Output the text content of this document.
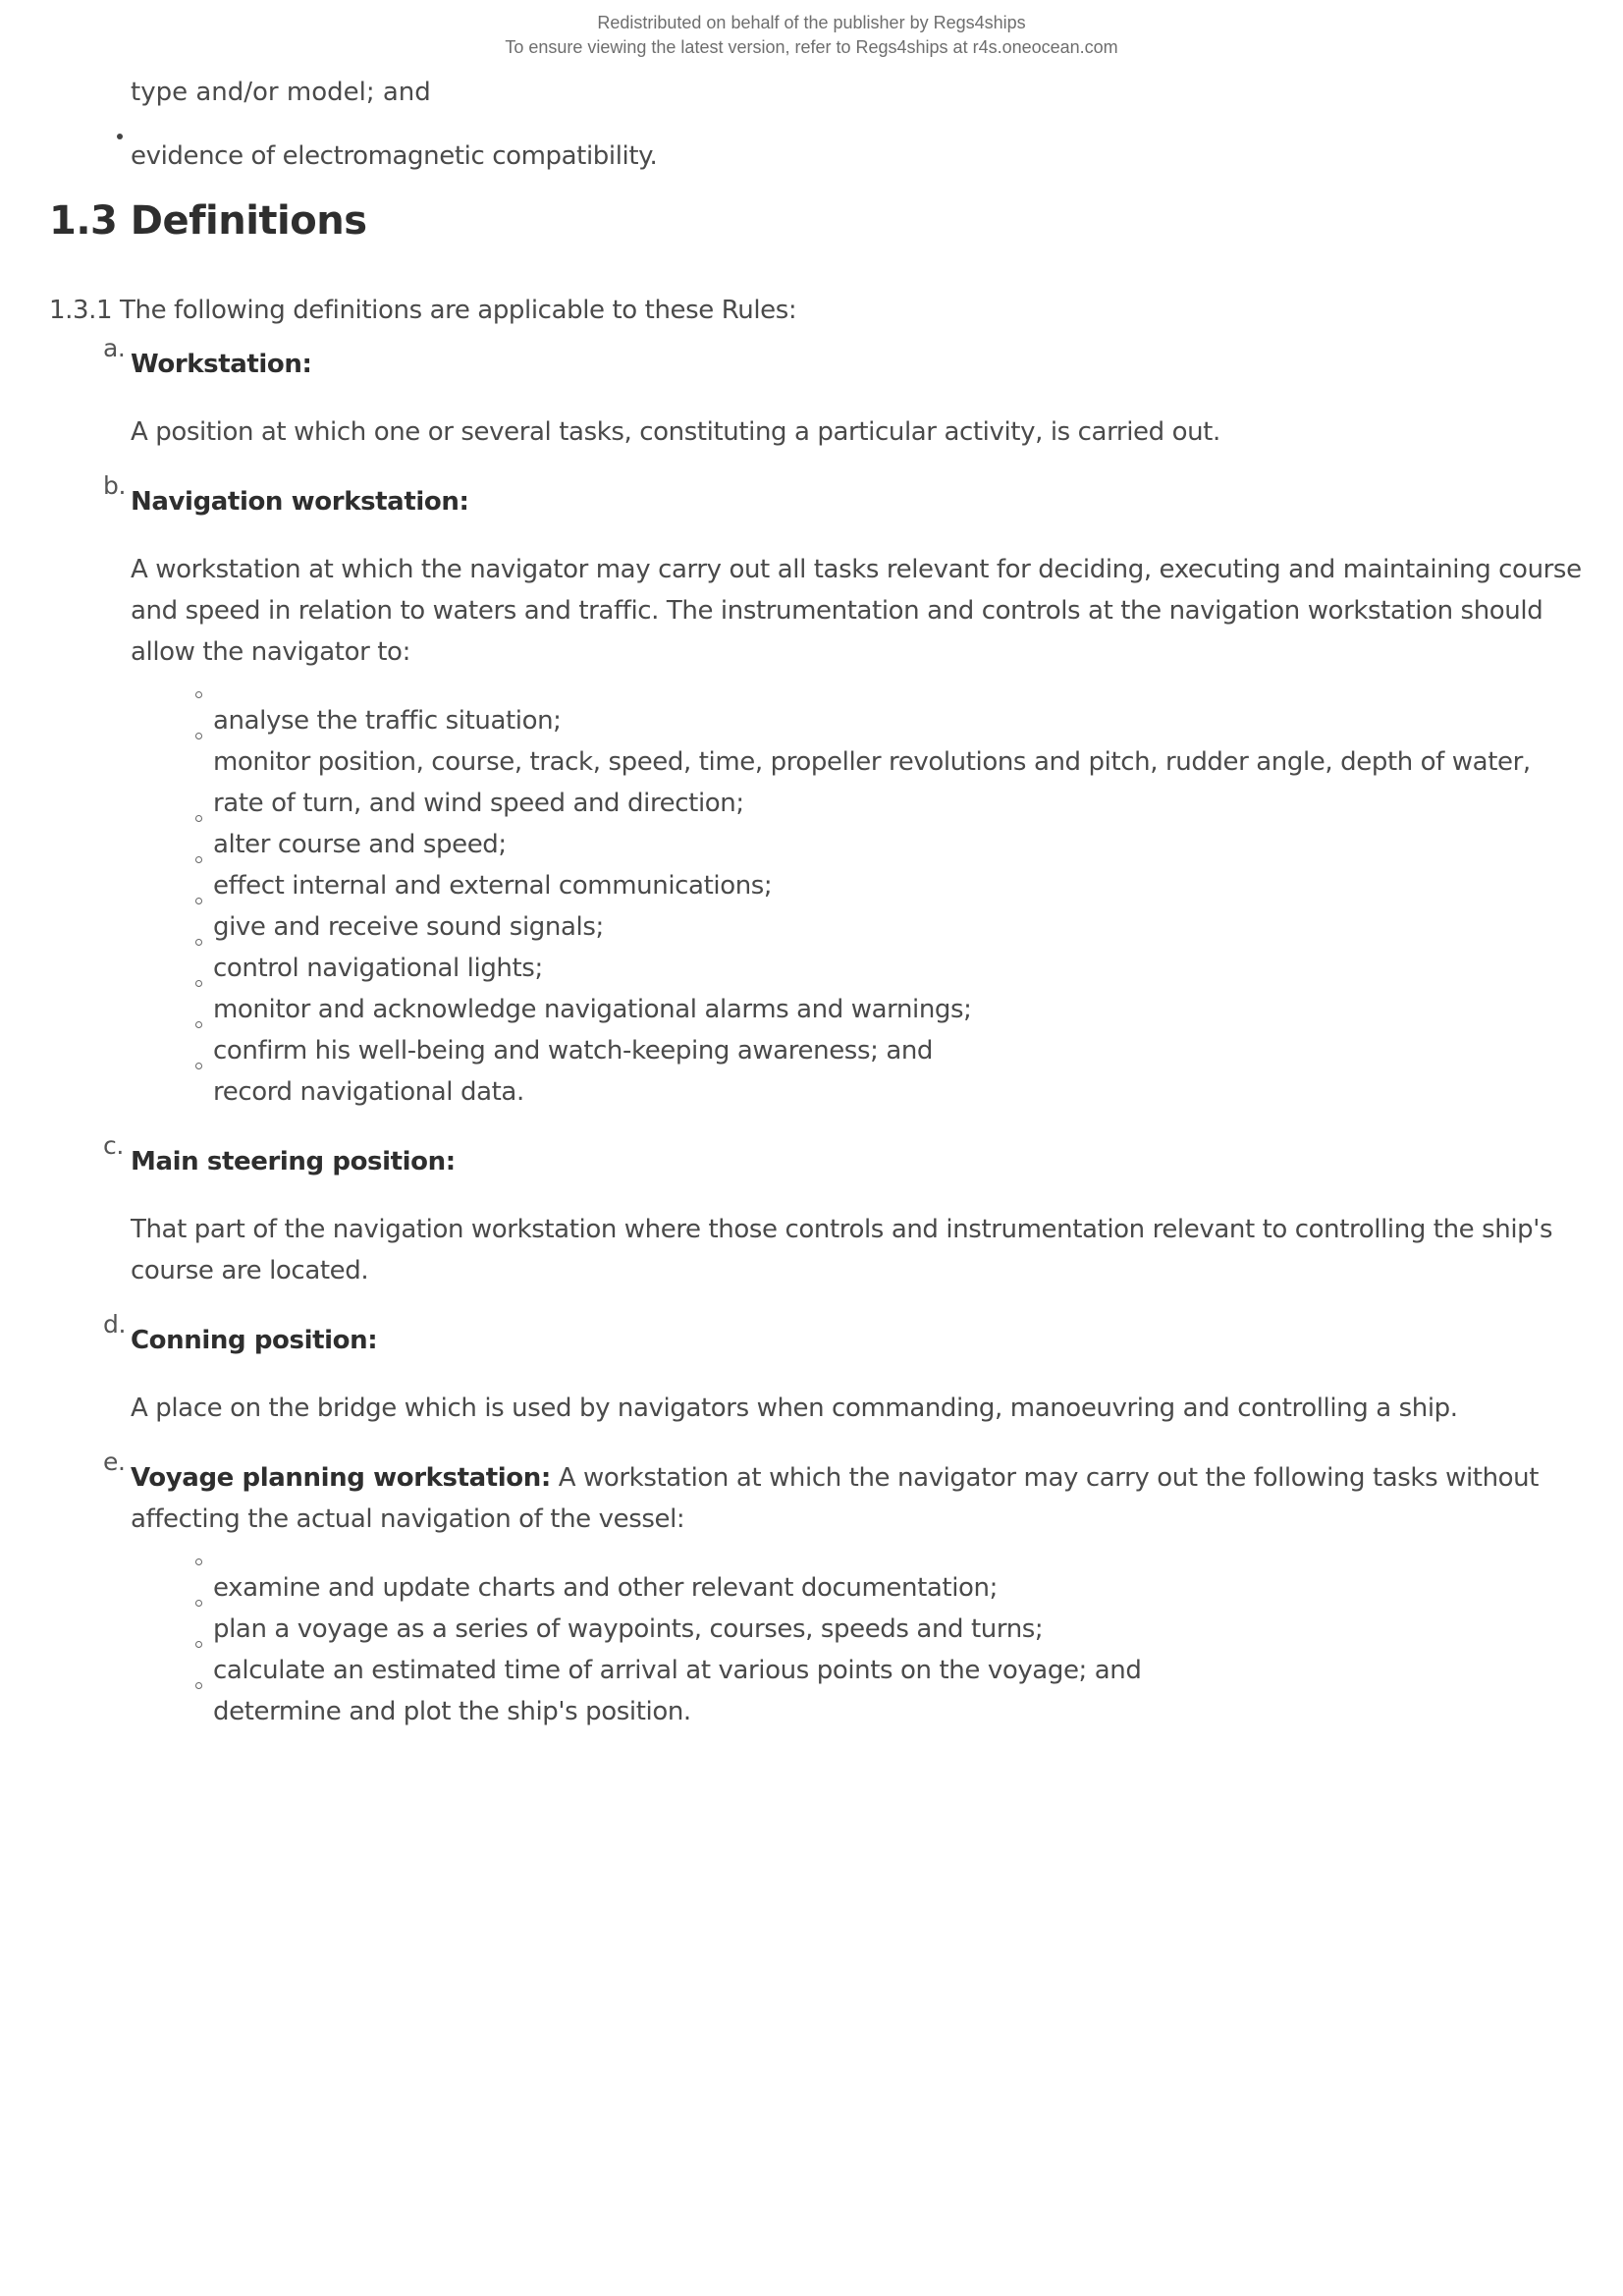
Redistributed on behalf of the publisher by Regs4ships
To ensure viewing the latest version, refer to Regs4ships at r4s.oneocean.com
type and/or model; and
evidence of electromagnetic compatibility.
1.3 Definitions
1.3.1 The following definitions are applicable to these Rules:
a.
Workstation:

A position at which one or several tasks, constituting a particular activity, is carried out.

b.
Navigation workstation:

A workstation at which the navigator may carry out all tasks relevant for deciding, executing and maintaining course and speed in relation to waters and traffic. The instrumentation and controls at the navigation workstation should allow the navigator to:

analyse the traffic situation;
monitor position, course, track, speed, time, propeller revolutions and pitch, rudder angle, depth of water, rate of turn, and wind speed and direction;
alter course and speed;
effect internal and external communications;
give and receive sound signals;
control navigational lights;
monitor and acknowledge navigational alarms and warnings;
confirm his well-being and watch-keeping awareness; and
record navigational data.
c.
Main steering position:

That part of the navigation workstation where those controls and instrumentation relevant to controlling the ship's course are located.

d.
Conning position:

A place on the bridge which is used by navigators when commanding, manoeuvring and controlling a ship.

e.
Voyage planning workstation: A workstation at which the navigator may carry out the following tasks without affecting the actual navigation of the vessel:
examine and update charts and other relevant documentation;
plan a voyage as a series of waypoints, courses, speeds and turns;
calculate an estimated time of arrival at various points on the voyage; and
determine and plot the ship's position.
